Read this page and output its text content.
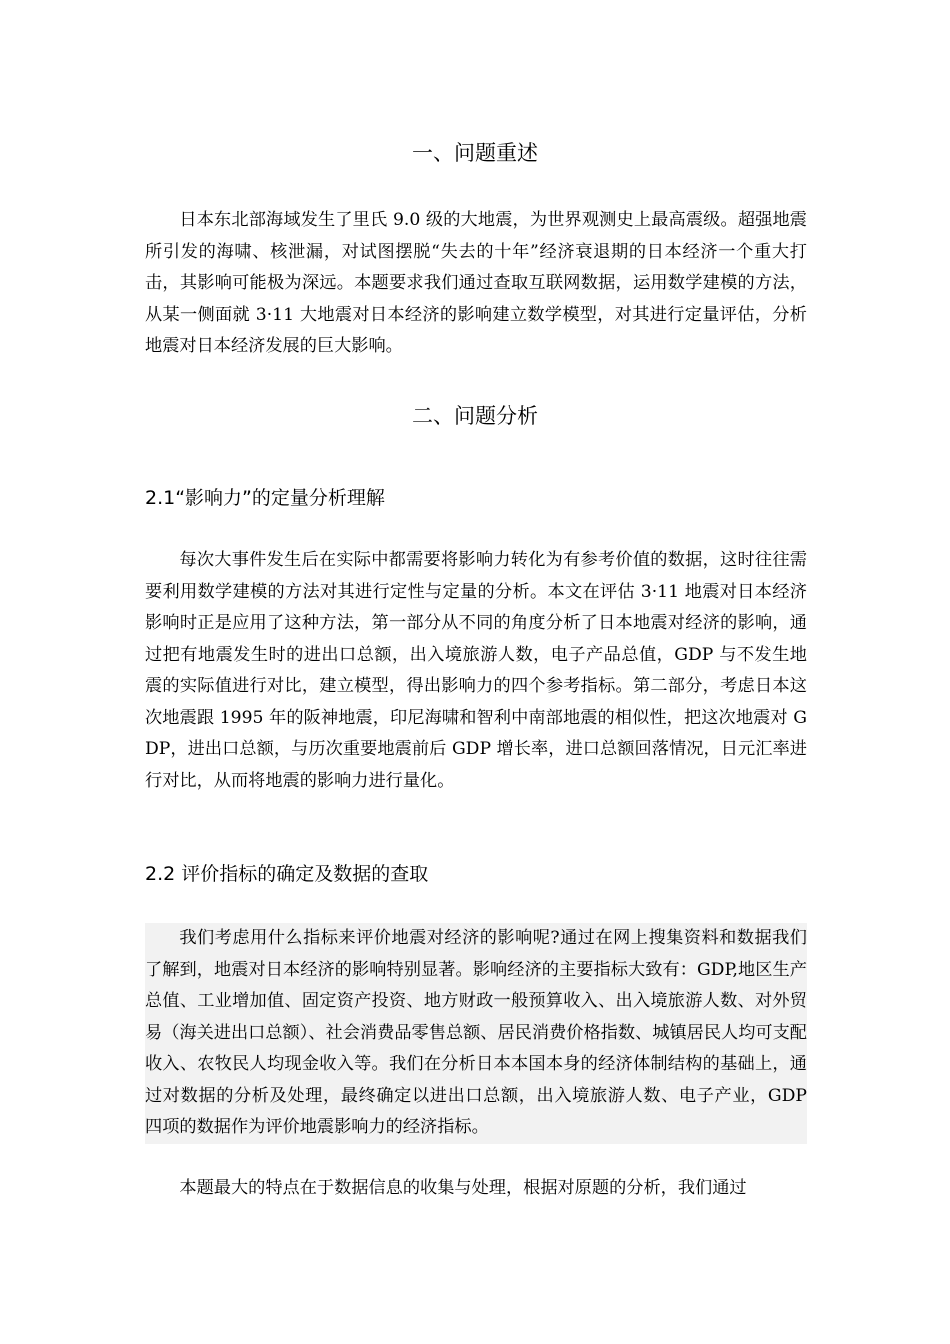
一、问题重述

日本东北部海域发生了里氏 9.0 级的大地震，为世界观测史上最高震级。超强地震所引发的海啸、核泄漏，对试图摆脱“失去的十年”经济衰退期的日本经济一个重大打击，其影响可能极为深远。本题要求我们通过查取互联网数据，运用数学建模的方法，从某一侧面就 3·11 大地震对日本经济的影响建立数学模型，对其进行定量评估，分析地震对日本经济发展的巨大影响。

二、问题分析
2.1“影响力”的定量分析理解

每次大事件发生后在实际中都需要将影响力转化为有参考价值的数据，这时往往需要利用数学建模的方法对其进行定性与定量的分析。本文在评估 3·11 地震对日本经济影响时正是应用了这种方法，第一部分从不同的角度分析了日本地震对经济的影响，通过把有地震发生时的进出口总额，出入境旅游人数，电子产品总值，GDP 与不发生地震的实际值进行对比，建立模型，得出影响力的四个参考指标。第二部分，考虑日本这次地震跟 1995 年的阪神地震，印尼海啸和智利中南部地震的相似性，把这次地震对 GDP，进出口总额，与历次重要地震前后 GDP 增长率，进口总额回落情况，日元汇率进行对比，从而将地震的影响力进行量化。

2.2 评价指标的确定及数据的查取

我们考虑用什么指标来评价地震对经济的影响呢?通过在网上搜集资料和数据我们了解到，地震对日本经济的影响特别显著。影响经济的主要指标大致有：GDP,地区生产总值、工业增加值、固定资产投资、地方财政一般预算收入、出入境旅游人数、对外贸易（海关进出口总额）、社会消费品零售总额、居民消费价格指数、城镇居民人均可支配收入、农牧民人均现金收入等。我们在分析日本本国本身的经济体制结构的基础上，通过对数据的分析及处理，最终确定以进出口总额，出入境旅游人数、电子产业，GDP 四项的数据作为评价地震影响力的经济指标。

本题最大的特点在于数据信息的收集与处理，根据对原题的分析，我们通过
